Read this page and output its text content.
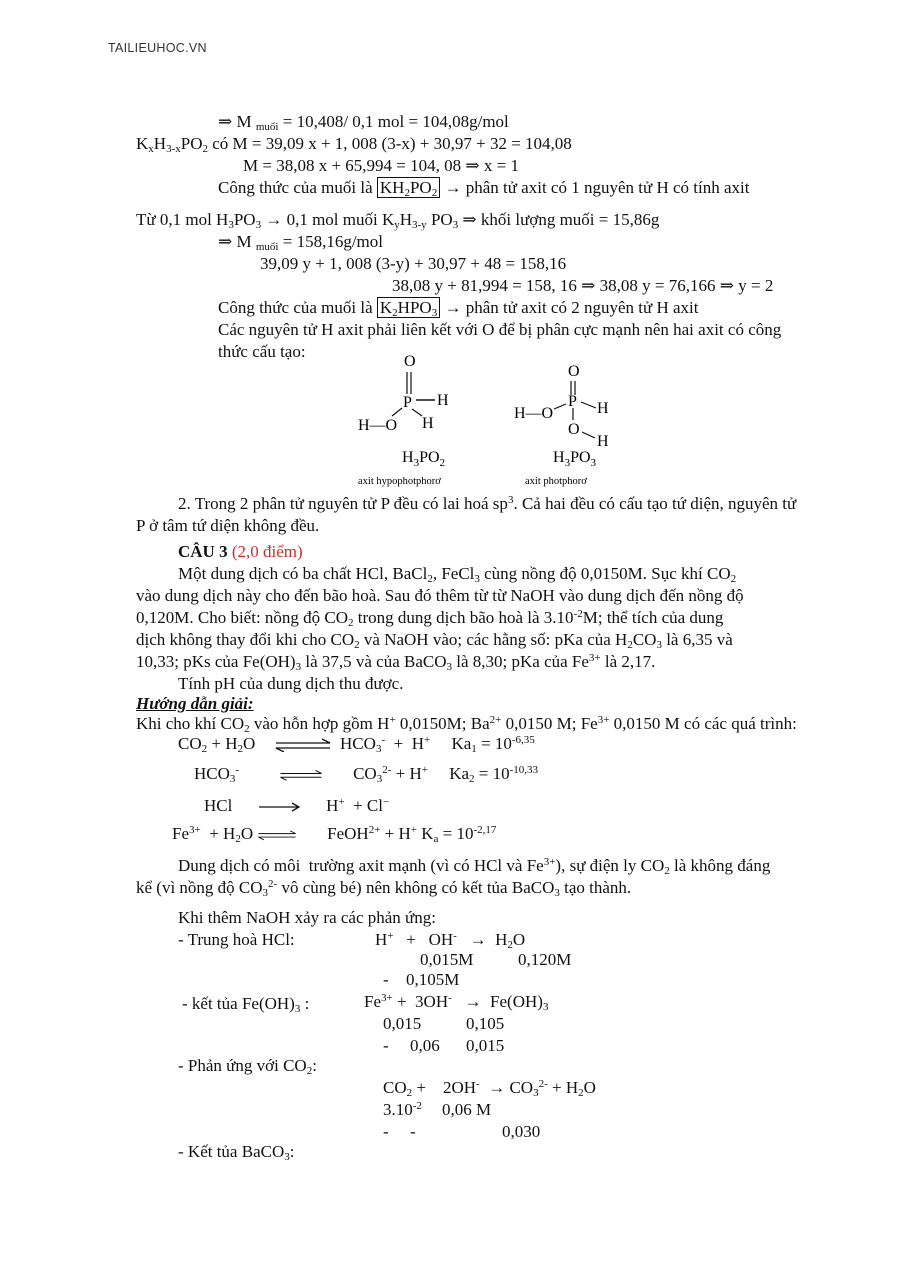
TAILIEUHOC.VN
⇒ M $_{muối}$ = 10,408/ 0,1 mol = 104,08g/mol
$K_xH_{3-x}PO_2$ có M = 39,09 x + 1, 008 (3-x) + 30,97 + 32 = 104,08
M = 38,08 x + 65,994 = 104, 08 ⇒ x = 1
Công thức của muối là $KH_2PO_2$ → phân tử axit có 1 nguyên tử H có tính axit
Từ 0,1 mol $H_3PO_3 \to 0,1$ mol muối $K_yH_{3-y}$ $PO_3$ ⇒ khối lượng muối = 15,86g
⇒ M $_{muối}$ = 158,16g/mol
39,09 y + 1, 008 (3-y) + 30,97 + 48 = 158,16
38,08 y + 81,994 = 158, 16 ⇒ 38,08 y = 76,166 ⇒ y = 2
Công thức của muối là $K_2HPO_3$ → phân tử axit có 2 nguyên tử H axit
Các nguyên tử H axit phải liên kết với O để bị phân cực mạnh nên hai axit có công
thức cấu tạo:
O
P H
H
H—O
$H_3PO_2$
axit hypophotphorơ
O
P H
H—O
O
H
$H_3PO_3$
axit photphorơ
2. Trong 2 phân tử nguyên tử P đều có lai hoá $sp^3$. Cả hai đều có cấu tạo tứ diện, nguyên tử
P ở tâm tứ diện không đều.
CÂU 3 (2,0 điểm)
Một dung dịch có ba chất HCl, BaCl$_2$, FeCl$_3$ cùng nồng độ 0,0150M. Sục khí $CO_2$
vào dung dịch này cho đến bão hoà. Sau đó thêm từ từ NaOH vào dung dịch đến nồng độ
0,120M. Cho biết: nồng độ $CO_2$ trong dung dịch bão hoà là $3.10^{-2}M$; thể tích của dung
dịch không thay đổi khi cho $CO_2$ và NaOH vào; các hằng số: pKa của $H_2CO_3$ là 6,35 và
10,33; pKs của $Fe(OH)_3$ là 37,5 và của BaCO$_3$ là 8,30; pKa của $Fe^{3+}$ là 2,17.
Tính pH của dung dịch thu được.
Hướng dẫn giải:
Khi cho khí $CO_2$ vào hỗn hợp gồm H+ 0,0150M; $Ba^{2+}$ 0,0150 M; $Fe^{3+}$ 0,0150 M có các quá trình:
$CO_2 + H_2O$ ⇌ $HCO_3^- + H^+$     $Ka_1 = 10^{-6,35}$
$HCO_3^-$ ⇌ $CO_3^{2-} + H^+$     $Ka_2 = 10^{-10,33}$
HCl	H+  + Cl−
$Fe^{3+} + H_2O$ ⇌ FeOH$^{2+}$ + H+ $K_a = 10^{-2,17}$
Dung dịch có môi  trường axit mạnh (vì có HCl và $Fe^{3+}$), sự điện ly $CO_2$ là không đáng
kể (vì nồng độ $CO_3^{2-}$ vô cùng bé) nên không có kết tủa BaCO$_3$ tạo thành.
Khi thêm NaOH xảy ra các phản ứng:
- Trung hoà HCl:	$H^+ + OH^- \to H_2O$
0,015M	0,120M
- 0,105M
- kết tủa $Fe(OH)_3$ :	$Fe^{3+} + 3OH^- \to Fe(OH)_3$
0,015	0,105
- 0,06 0,015
- Phản ứng với $CO_2$:
$CO_2$ +    $2OH^- \to CO_3^{2-} + H_2O$
$3.10^{-2}$ 0,06 M
- -	0,030
- Kết tủa BaCO$_3$:
